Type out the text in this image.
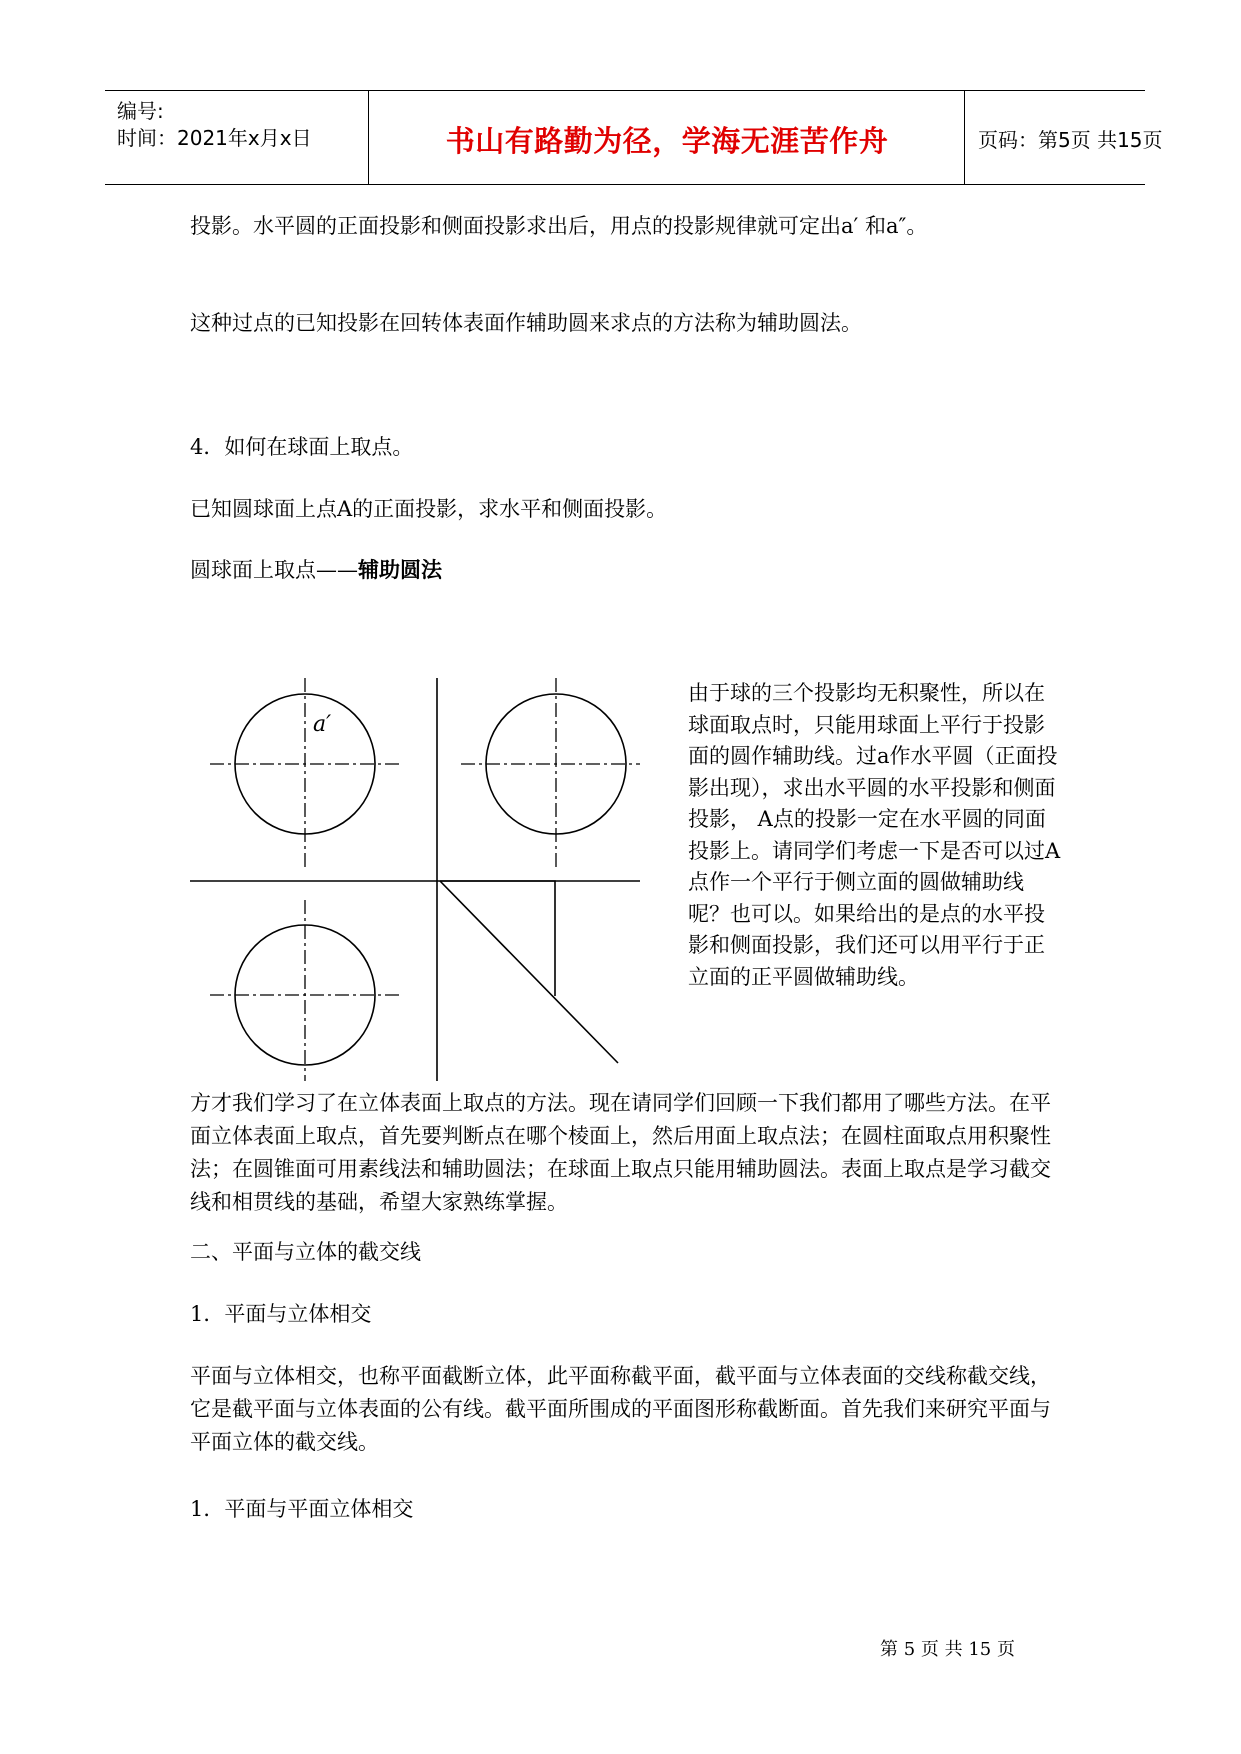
编号:
时间：2021年x月x日	书山有路勤为径，学海无涯苦作舟	页码：第5页 共15页

投影。水平圆的正面投影和侧面投影求出后，用点的投影规律就可定出a′ 和a″。

这种过点的已知投影在回转体表面作辅助圆来求点的方法称为辅助圆法。

4．如何在球面上取点。

已知圆球面上点A的正面投影，求水平和侧面投影。

圆球面上取点——辅助圆法

a′

由于球的三个投影均无积聚性，所以在球面取点时，只能用球面上平行于投影面的圆作辅助线。过a作水平圆（正面投影出现），求出水平圆的水平投影和侧面投影， A点的投影一定在水平圆的同面投影上。请同学们考虑一下是否可以过A点作一个平行于侧立面的圆做辅助线呢？也可以。如果给出的是点的水平投影和侧面投影，我们还可以用平行于正立面的正平圆做辅助线。

方才我们学习了在立体表面上取点的方法。现在请同学们回顾一下我们都用了哪些方法。在平面立体表面上取点，首先要判断点在哪个棱面上，然后用面上取点法；在圆柱面取点用积聚性法；在圆锥面可用素线法和辅助圆法；在球面上取点只能用辅助圆法。表面上取点是学习截交线和相贯线的基础，希望大家熟练掌握。

二、平面与立体的截交线

1．平面与立体相交

平面与立体相交，也称平面截断立体，此平面称截平面，截平面与立体表面的交线称截交线，它是截平面与立体表面的公有线。截平面所围成的平面图形称截断面。首先我们来研究平面与平面立体的截交线。

1．平面与平面立体相交

第 5 页 共 15 页
